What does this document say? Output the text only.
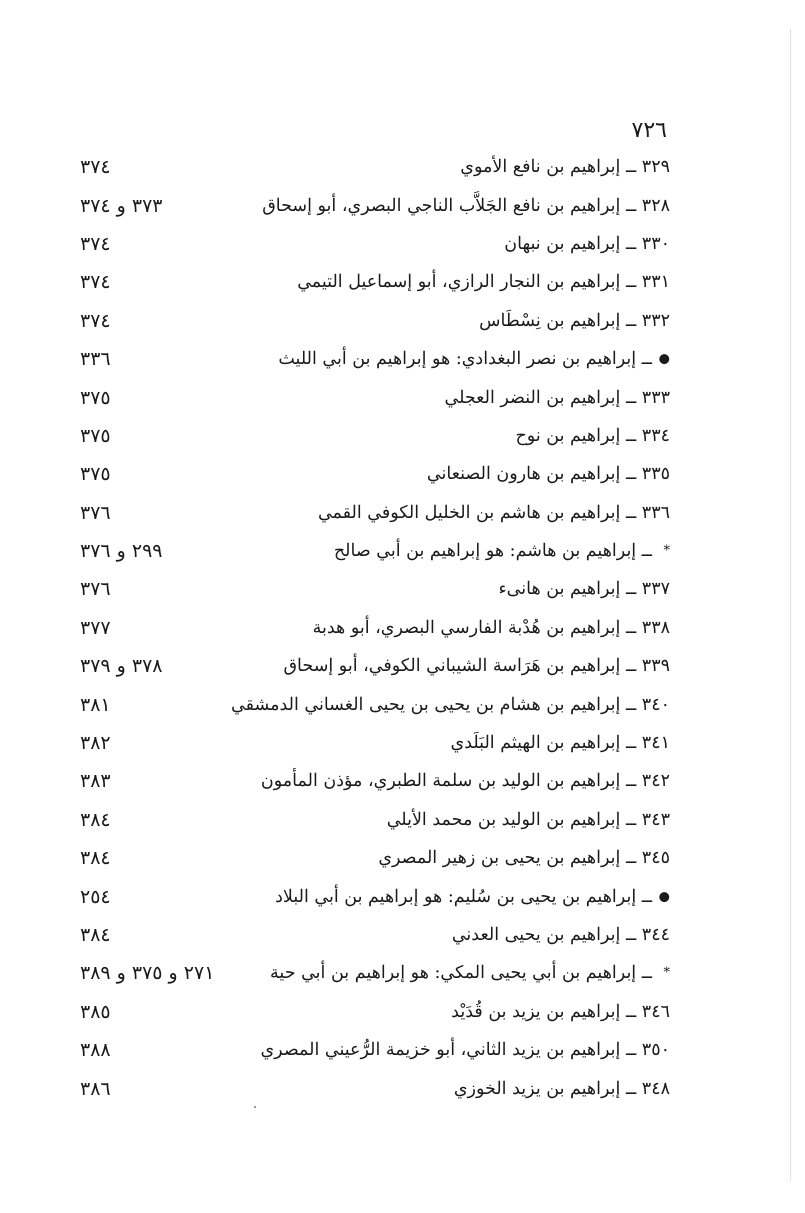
٧٢٦
٣٢٩ ــ إبراهيم بن نافع الأموي
٣٧٤
٣٢٨ ــ إبراهيم بن نافع الجَلاَّب الناجي البصري، أبو إسحاق
٣٧٣ و ٣٧٤
٣٣٠ ــ إبراهيم بن نبهان
٣٧٤
٣٣١ ــ إبراهيم بن النجار الرازي، أبو إسماعيل التيمي
٣٧٤
٣٣٢ ــ إبراهيم بن نِسْطَاس
٣٧٤
●
ــ إبراهيم بن نصر البغدادي: هو إبراهيم بن أبي الليث
٣٣٦
٣٣٣ ــ إبراهيم بن النضر العجلي
٣٧٥
٣٣٤ ــ إبراهيم بن نوح
٣٧٥
٣٣٥ ــ إبراهيم بن هارون الصنعاني
٣٧٥
٣٣٦ ــ إبراهيم بن هاشم بن الخليل الكوفي القمي
٣٧٦
*
ــ إبراهيم بن هاشم: هو إبراهيم بن أبي صالح
٢٩٩ و ٣٧٦
٣٣٧ ــ إبراهيم بن هانىء
٣٧٦
٣٣٨ ــ إبراهيم بن هُدْبة الفارسي البصري، أبو هدبة
٣٧٧
٣٣٩ ــ إبراهيم بن هَرَاسة الشيباني الكوفي، أبو إسحاق
٣٧٨ و ٣٧٩
٣٤٠ ــ إبراهيم بن هشام بن يحيى بن يحيى الغساني الدمشقي
٣٨١
٣٤١ ــ إبراهيم بن الهيثم البَلَدي
٣٨٢
٣٤٢ ــ إبراهيم بن الوليد بن سلمة الطبري، مؤذن المأمون
٣٨٣
٣٤٣ ــ إبراهيم بن الوليد بن محمد الأيلي
٣٨٤
٣٤٥ ــ إبراهيم بن يحيى بن زهير المصري
٣٨٤
●
ــ إبراهيم بن يحيى بن سُليم: هو إبراهيم بن أبي البلاد
٢٥٤
٣٤٤ ــ إبراهيم بن يحيى العدني
٣٨٤
*
ــ إبراهيم بن أبي يحيى المكي: هو إبراهيم بن أبي حية
٢٧١ و ٣٧٥ و ٣٨٩
٣٤٦ ــ إبراهيم بن يزيد بن قُدَيْد
٣٨٥
٣٥٠ ــ إبراهيم بن يزيد الثاني، أبو خزيمة الرُّعيني المصري
٣٨٨
٣٤٨ ــ إبراهيم بن يزيد الخوزي
٣٨٦
